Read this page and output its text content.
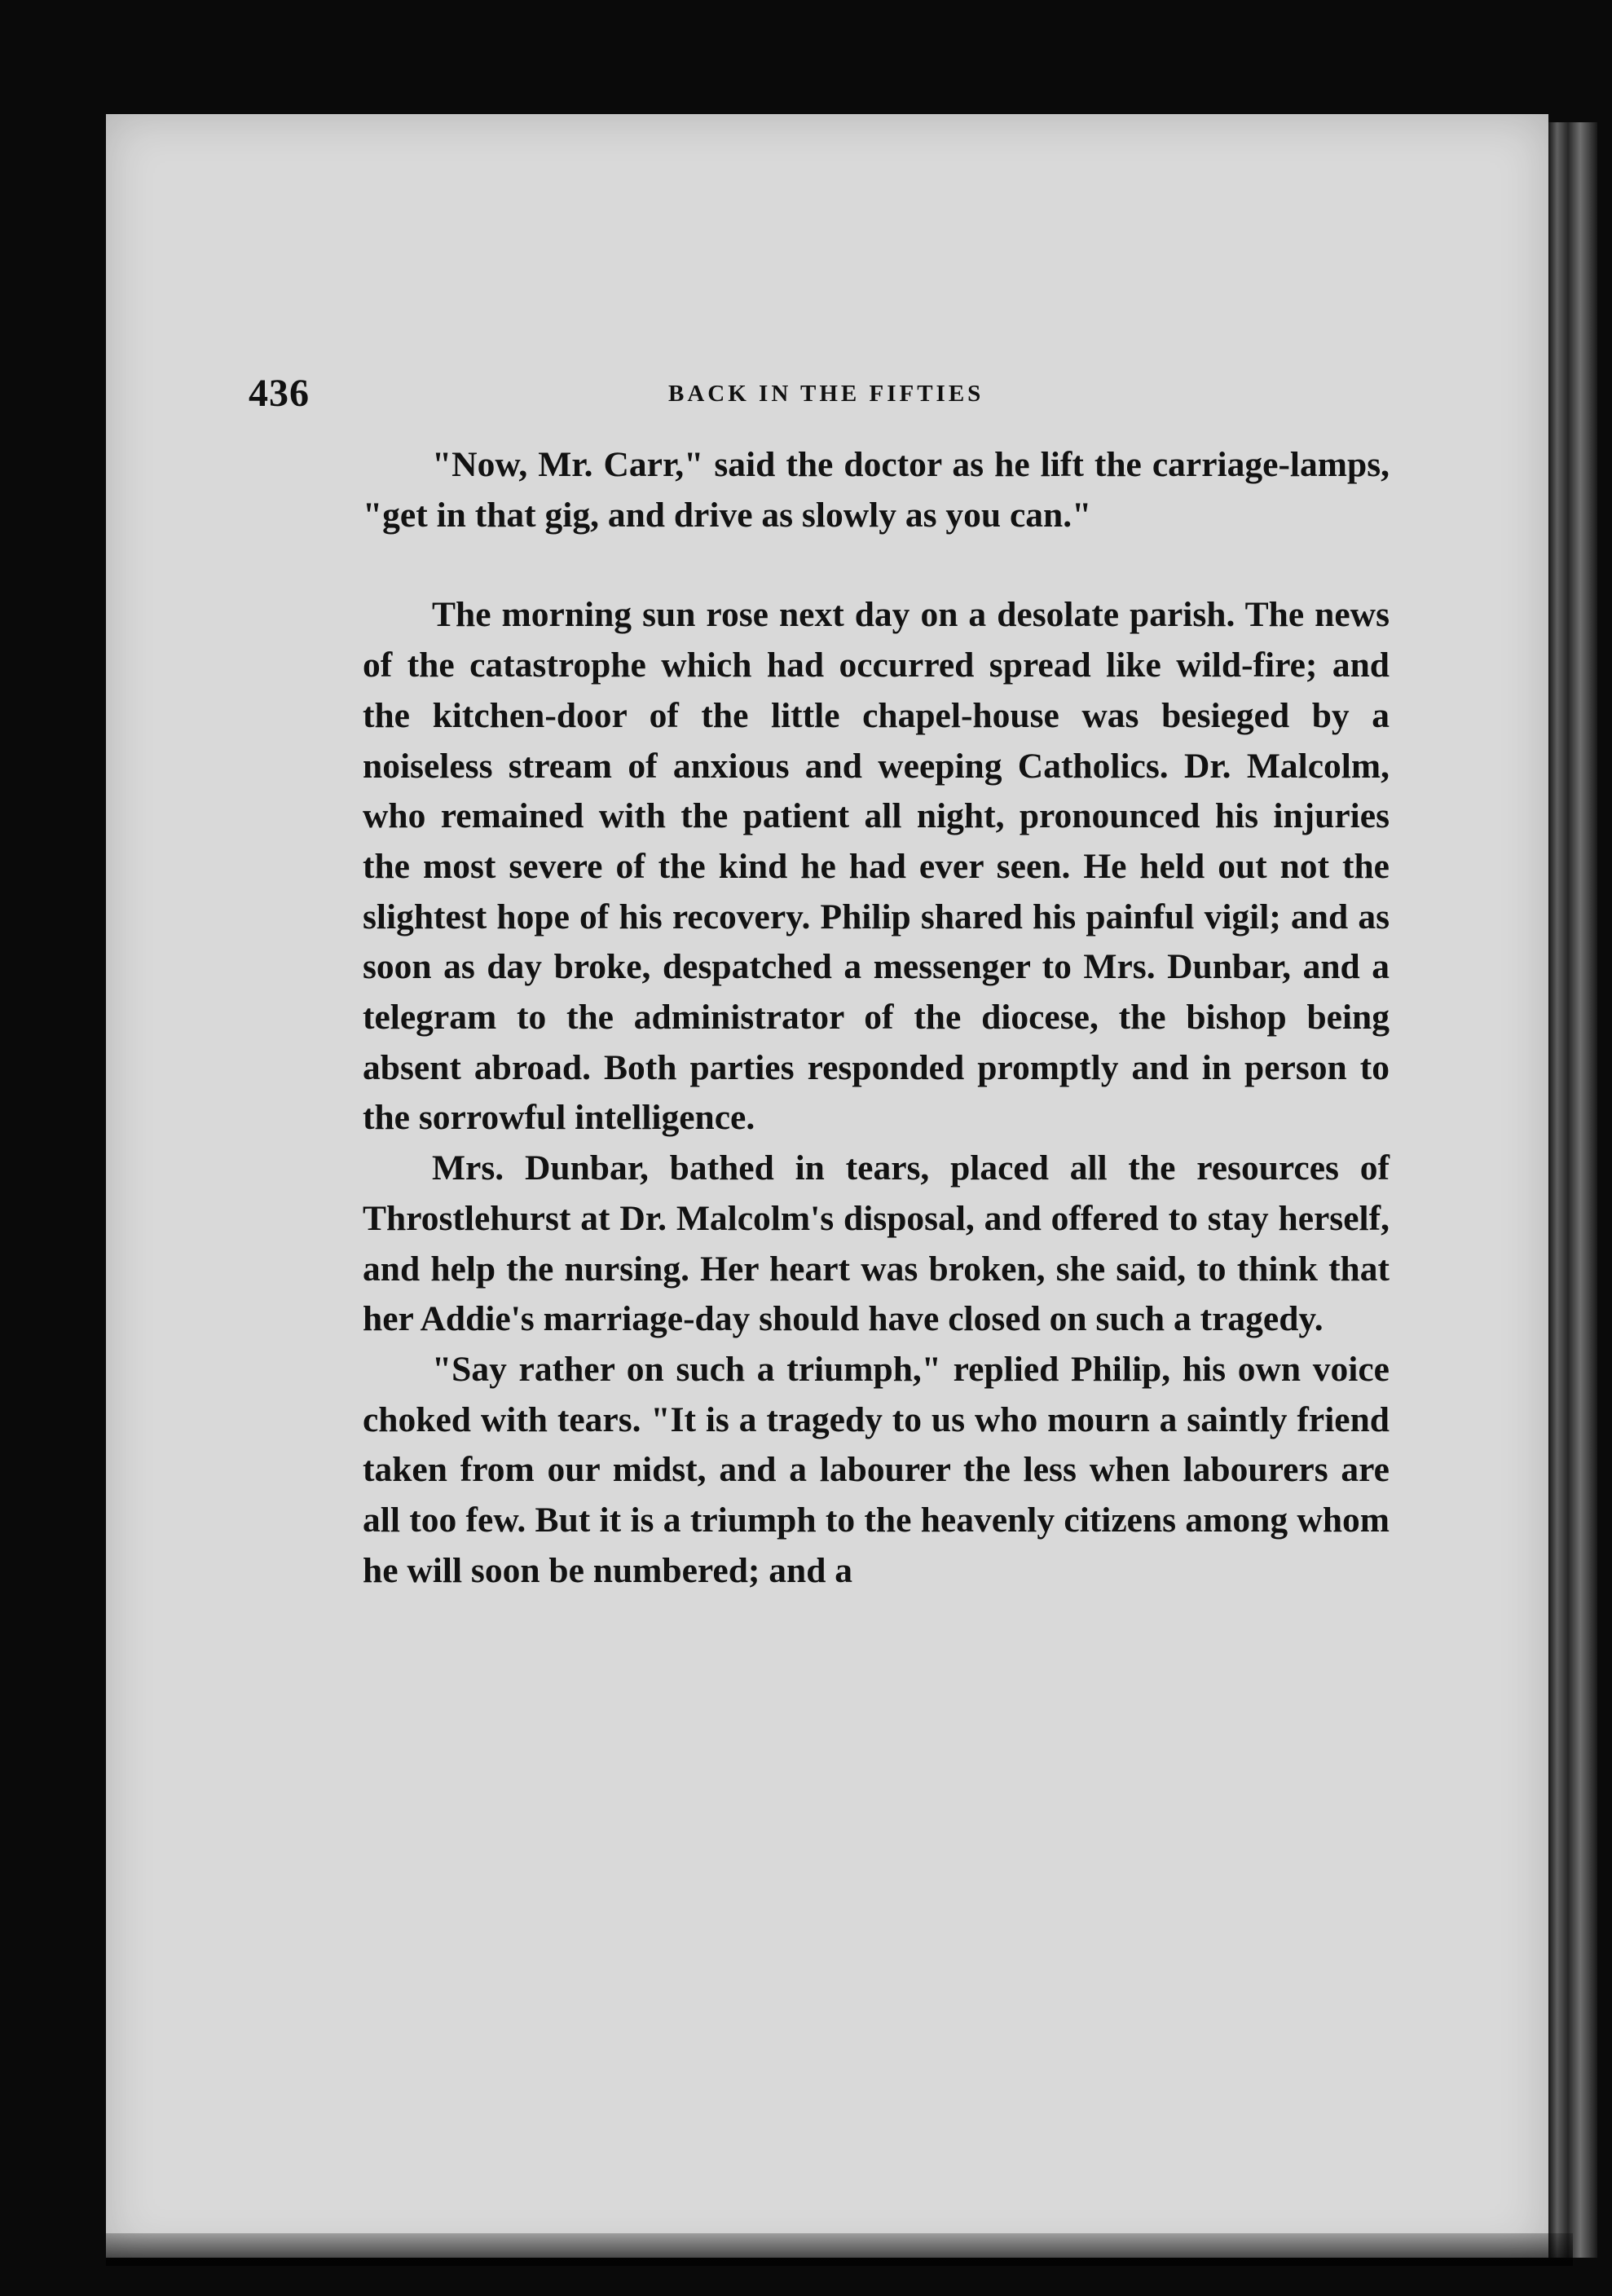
436	BACK IN THE FIFTIES

"Now, Mr. Carr," said the doctor as he lift the carriage-lamps, "get in that gig, and drive as slowly as you can."

The morning sun rose next day on a desolate parish. The news of the catastrophe which had occurred spread like wild-fire; and the kitchen-door of the little chapel-house was besieged by a noiseless stream of anxious and weeping Catholics. Dr. Malcolm, who remained with the patient all night, pronounced his injuries the most severe of the kind he had ever seen. He held out not the slightest hope of his recovery. Philip shared his painful vigil; and as soon as day broke, despatched a messenger to Mrs. Dunbar, and a telegram to the administrator of the diocese, the bishop being absent abroad. Both parties responded promptly and in person to the sorrowful intelligence.

Mrs. Dunbar, bathed in tears, placed all the resources of Throstlehurst at Dr. Malcolm's disposal, and offered to stay herself, and help the nursing. Her heart was broken, she said, to think that her Addie's marriage-day should have closed on such a tragedy.

"Say rather on such a triumph," replied Philip, his own voice choked with tears. "It is a tragedy to us who mourn a saintly friend taken from our midst, and a labourer the less when labourers are all too few. But it is a triumph to the heavenly citizens among whom he will soon be numbered; and a
